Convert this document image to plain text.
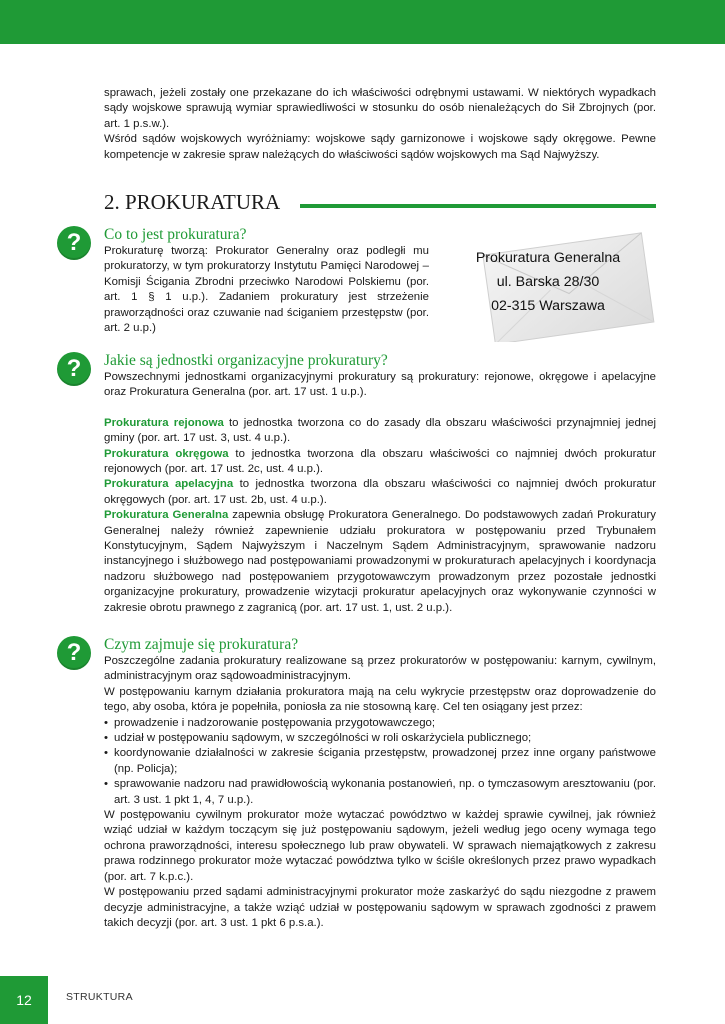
sprawach, jeżeli zostały one przekazane do ich właściwości odrębnymi ustawami. W niektórych wypadkach sądy wojskowe sprawują wymiar sprawiedliwości w stosunku do osób nienależących do Sił Zbrojnych (por. art. 1 p.s.w.).

Wśród sądów wojskowych wyróżniamy: wojskowe sądy garnizonowe i wojskowe sądy okręgowe. Pewne kompetencje w zakresie spraw należących do właściwości sądów wojskowych ma Sąd Najwyższy.

2. PROKURATURA
?	Co to jest prokuratura?

Prokuraturę tworzą: Prokurator Generalny oraz podległi mu prokuratorzy, w tym prokuratorzy Instytutu Pamięci Narodowej – Komisji Ścigania Zbrodni przeciwko Narodowi Polskiemu (por. art. 1 § 1 u.p.). Zadaniem prokuratury jest strzeżenie praworządności oraz czuwanie nad ściganiem przestępstw (por. art. 2 u.p.)

Prokuratura Generalna
ul. Barska 28/30
02-315 Warszawa
?	Jakie są jednostki organizacyjne prokuratury?

Powszechnymi jednostkami organizacyjnymi prokuratury są prokuratury: rejonowe, okręgowe i apelacyjne oraz Prokuratura Generalna (por. art. 17 ust. 1 u.p.).

Prokuratura rejonowa to jednostka tworzona co do zasady dla obszaru właściwości przynajmniej jednej gminy (por. art. 17 ust. 3, ust. 4 u.p.).

Prokuratura okręgowa to jednostka tworzona dla obszaru właściwości co najmniej dwóch prokuratur rejonowych (por. art. 17 ust. 2c, ust. 4 u.p.).

Prokuratura apelacyjna to jednostka tworzona dla obszaru właściwości co najmniej dwóch prokuratur okręgowych (por. art. 17 ust. 2b, ust. 4 u.p.).

Prokuratura Generalna zapewnia obsługę Prokuratora Generalnego. Do podstawowych zadań Prokuratury Generalnej należy również zapewnienie udziału prokuratora w postępowaniu przed Trybunałem Konstytucyjnym, Sądem Najwyższym i Naczelnym Sądem Administracyjnym, sprawowanie nadzoru instancyjnego i służbowego nad postępowaniami prowadzonymi w prokuraturach apelacyjnych i koordynacja nadzoru służbowego nad postępowaniem przygotowawczym prowadzonym przez pozostałe jednostki organizacyjne prokuratury, prowadzenie wizytacji prokuratur apelacyjnych oraz wykonywanie czynności w zakresie obrotu prawnego z zagranicą (por. art. 17 ust. 1, ust. 2 u.p.).

?	Czym zajmuje się prokuratura?

Poszczególne zadania prokuratury realizowane są przez prokuratorów w postępowaniu: karnym, cywilnym, administracyjnym oraz sądowoadministracyjnym.

W postępowaniu karnym działania prokuratora mają na celu wykrycie przestępstw oraz doprowadzenie do tego, aby osoba, która je popełniła, poniosła za nie stosowną karę. Cel ten osiągany jest przez:

• prowadzenie i nadzorowanie postępowania przygotowawczego;
• udział w postępowaniu sądowym, w szczególności w roli oskarżyciela publicznego;
• koordynowanie działalności w zakresie ścigania przestępstw, prowadzonej przez inne organy państwowe (np. Policja);
• sprawowanie nadzoru nad prawidłowością wykonania postanowień, np. o tymczasowym aresztowaniu (por. art. 3 ust. 1 pkt 1, 4, 7 u.p.).

W postępowaniu cywilnym prokurator może wytaczać powództwo w każdej sprawie cywilnej, jak również wziąć udział w każdym toczącym się już postępowaniu sądowym, jeżeli według jego oceny wymaga tego ochrona praworządności, interesu społecznego lub praw obywateli. W sprawach niemajątkowych z zakresu prawa rodzinnego prokurator może wytaczać powództwa tylko w ściśle określonych przez prawo wypadkach (por. art. 7 k.p.c.).

W postępowaniu przed sądami administracyjnymi prokurator może zaskarżyć do sądu niezgodne z prawem decyzje administracyjne, a także wziąć udział w postępowaniu sądowym w sprawach zgodności z prawem takich decyzji (por. art. 3 ust. 1 pkt 6 p.s.a.).

12	STRUKTURA
